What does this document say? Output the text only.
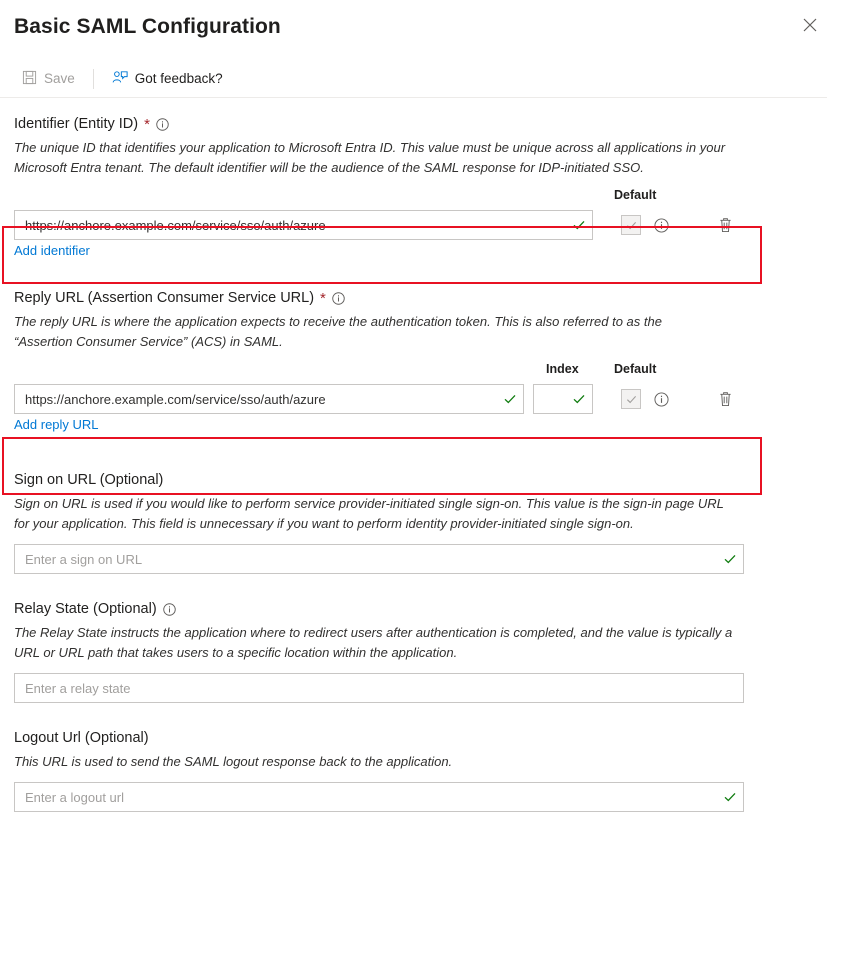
Basic SAML Configuration
Save	Got feedback?
Identifier (Entity ID) *

The unique ID that identifies your application to Microsoft Entra ID. This value must be unique across all applications in your Microsoft Entra tenant. The default identifier will be the audience of the SAML response for IDP-initiated SSO.

Default
https://anchore.example.com/service/sso/auth/azure
Add identifier
Reply URL (Assertion Consumer Service URL) *

The reply URL is where the application expects to receive the authentication token. This is also referred to as the “Assertion Consumer Service” (ACS) in SAML.

Index	Default
https://anchore.example.com/service/sso/auth/azure
Add reply URL
Sign on URL (Optional)

Sign on URL is used if you would like to perform service provider-initiated single sign-on. This value is the sign-in page URL for your application. This field is unnecessary if you want to perform identity provider-initiated single sign-on.

Enter a sign on URL
Relay State (Optional)

The Relay State instructs the application where to redirect users after authentication is completed, and the value is typically a URL or URL path that takes users to a specific location within the application.

Enter a relay state
Logout Url (Optional)

This URL is used to send the SAML logout response back to the application.

Enter a logout url
